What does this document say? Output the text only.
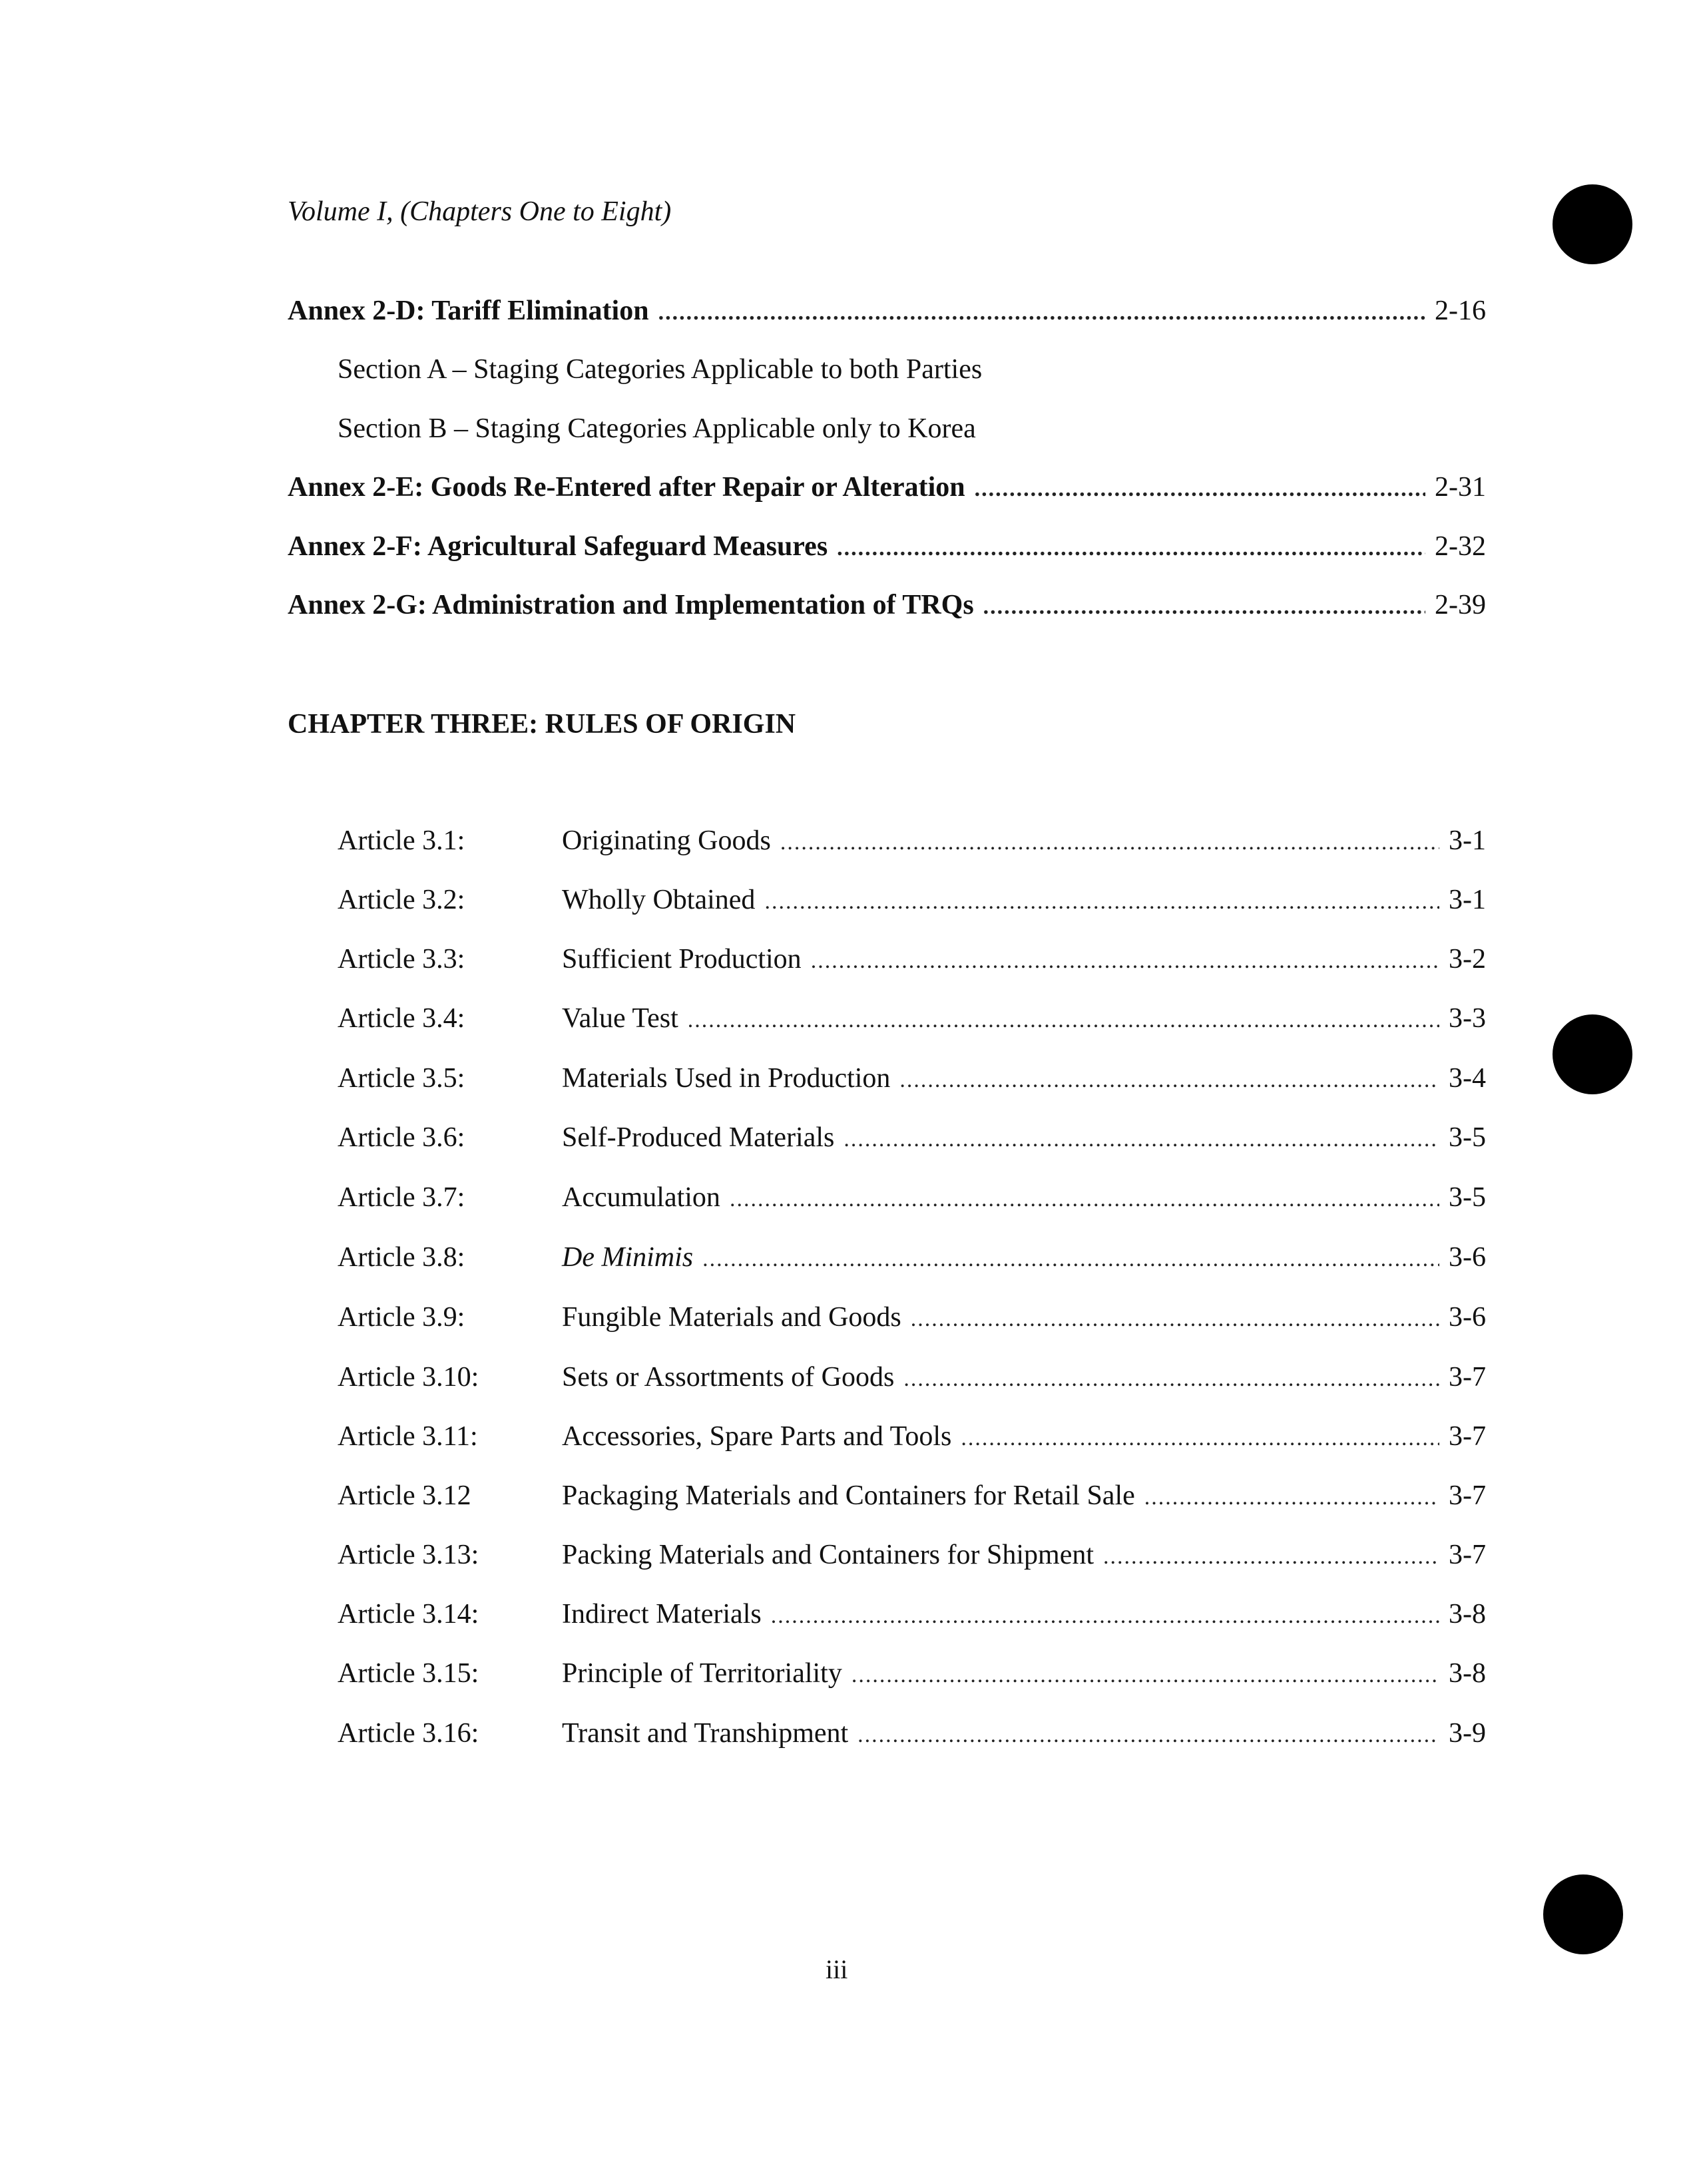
Volume I, (Chapters One to Eight)
Annex 2-D: Tariff Elimination .....	2-16
Section A – Staging Categories Applicable to both Parties
Section B – Staging Categories Applicable only to Korea
Annex 2-E: Goods Re-Entered after Repair or Alteration .....	2-31
Annex 2-F: Agricultural Safeguard Measures .....	2-32
Annex 2-G: Administration and Implementation of TRQs .....	2-39
CHAPTER THREE: RULES OF ORIGIN
Article 3.1:	Originating Goods .....	3-1
Article 3.2:	Wholly Obtained .....	3-1
Article 3.3:	Sufficient Production .....	3-2
Article 3.4:	Value Test .....	3-3
Article 3.5:	Materials Used in Production .....	3-4
Article 3.6:	Self-Produced Materials .....	3-5
Article 3.7:	Accumulation .....	3-5
Article 3.8:	De Minimis .....	3-6
Article 3.9:	Fungible Materials and Goods .....	3-6
Article 3.10:	Sets or Assortments of Goods .....	3-7
Article 3.11:	Accessories, Spare Parts and Tools .....	3-7
Article 3.12	Packaging Materials and Containers for Retail Sale .....	3-7
Article 3.13:	Packing Materials and Containers for Shipment .....	3-7
Article 3.14:	Indirect Materials .....	3-8
Article 3.15:	Principle of Territoriality .....	3-8
Article 3.16:	Transit and Transhipment .....	3-9
iii
